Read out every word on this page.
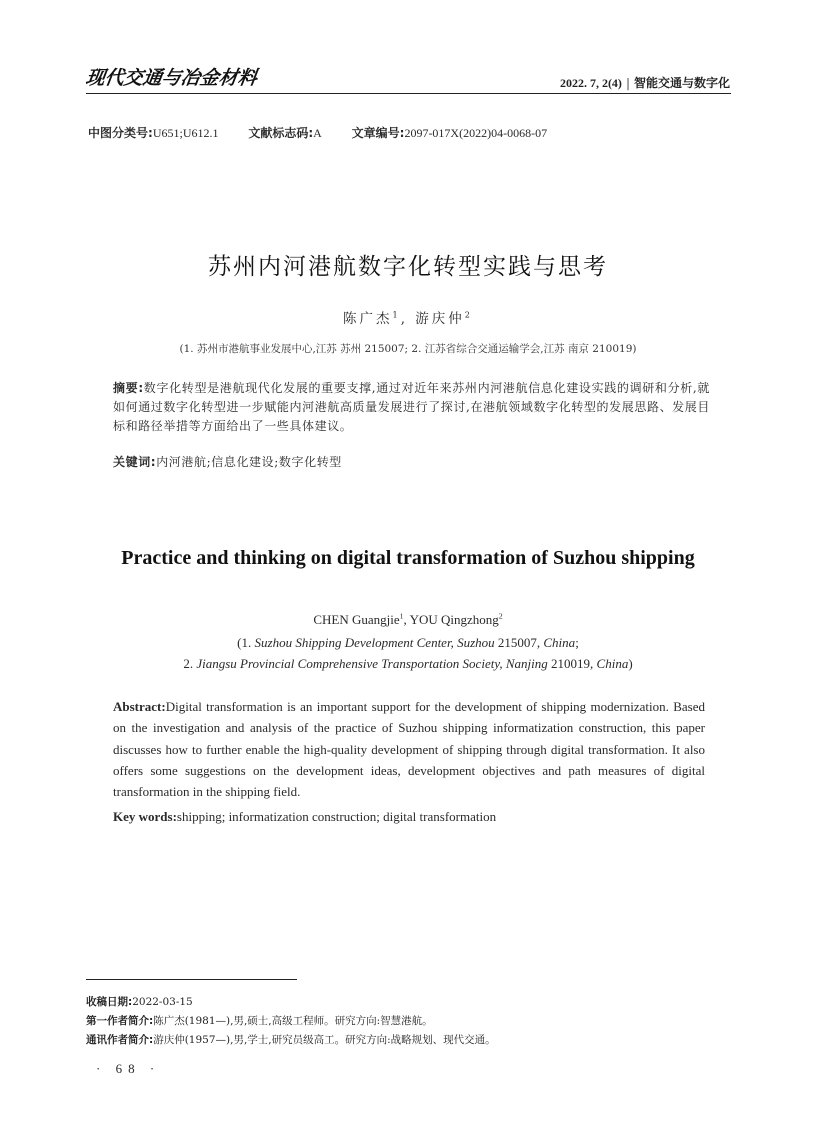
现代交通与冶金材料	2022. 7, 2(4) | 智能交通与数字化
中图分类号:U651;U612.1 文献标志码:A 文章编号:2097-017X(2022)04-0068-07
苏州内河港航数字化转型实践与思考
陈广杰$^1$, 游庆仲$^2$
(1. 苏州市港航事业发展中心,江苏 苏州 215007; 2. 江苏省综合交通运输学会,江苏 南京 210019)
摘要:数字化转型是港航现代化发展的重要支撑,通过对近年来苏州内河港航信息化建设实践的调研和分析,就如何通过数字化转型进一步赋能内河港航高质量发展进行了探讨,在港航领域数字化转型的发展思路、发展目标和路径举措等方面给出了一些具体建议。
关键词:内河港航;信息化建设;数字化转型
Practice and thinking on digital transformation of Suzhou shipping
CHEN Guangjie$^1$, YOU Qingzhong$^2$
(1. Suzhou Shipping Development Center, Suzhou 215007, China;
2. Jiangsu Provincial Comprehensive Transportation Society, Nanjing 210019, China)
Abstract:Digital transformation is an important support for the development of shipping modernization. Based on the investigation and analysis of the practice of Suzhou shipping informatization construction, this paper discusses how to further enable the high-quality development of shipping through digital transformation. It also offers some suggestions on the development ideas, development objectives and path measures of digital transformation in the shipping field.
Key words:shipping; informatization construction; digital transformation
收稿日期:2022-03-15
第一作者简介:陈广杰(1981—),男,硕士,高级工程师。研究方向:智慧港航。
通讯作者简介:游庆仲(1957—),男,学士,研究员级高工。研究方向:战略规划、现代交通。
· 68 ·
